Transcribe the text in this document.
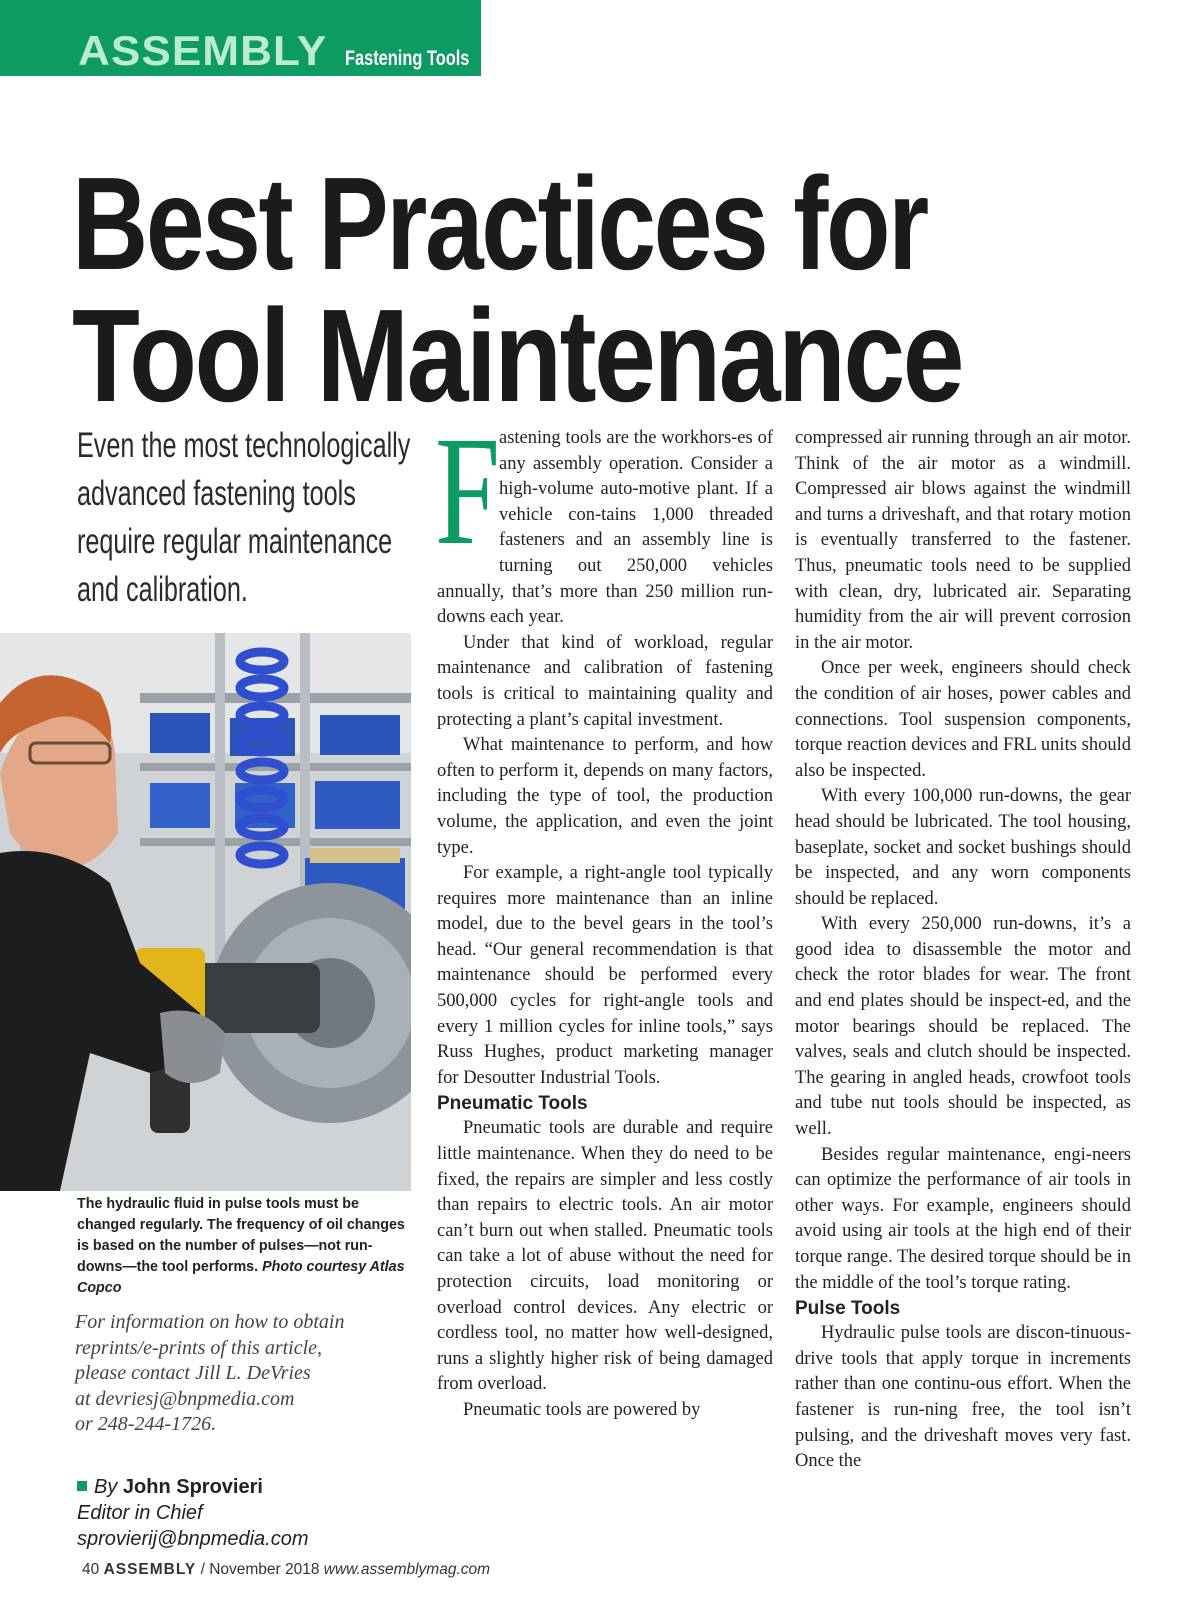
ASSEMBLY Fastening Tools
Best Practices for
Tool Maintenance
Even the most technologically
advanced fastening tools
require regular maintenance
and calibration.
The hydraulic fluid in pulse tools must be changed regularly. The frequency of oil changes is based on the number of pulses—not run-downs—the tool performs. Photo courtesy Atlas Copco
For information on how to obtain
reprints/e-prints of this article,
please contact Jill L. DeVries
at devriesj@bnpmedia.com
or 248-244-1726.
By John Sprovieri
Editor in Chief
sprovierij@bnpmedia.com

F
astening tools are the workhors-es of any assembly operation. Consider a high-volume auto-motive plant. If a vehicle con-tains 1,000 threaded fasteners and an assembly line is turning out 250,000 vehicles annually, that’s more than 250 million run-downs each year.

Under that kind of workload, regular maintenance and calibration of fastening tools is critical to maintaining quality and protecting a plant’s capital investment.

What maintenance to perform, and how often to perform it, depends on many factors, including the type of tool, the production volume, the application, and even the joint type.

For example, a right-angle tool typically requires more maintenance than an inline model, due to the bevel gears in the tool’s head. “Our general recommendation is that maintenance should be performed every 500,000 cycles for right-angle tools and every 1 million cycles for inline tools,” says Russ Hughes, product marketing manager for Desoutter Industrial Tools.

Pneumatic Tools

Pneumatic tools are durable and require little maintenance. When they do need to be fixed, the repairs are simpler and less costly than repairs to electric tools. An air motor can’t burn out when stalled. Pneumatic tools can take a lot of abuse without the need for protection circuits, load monitoring or overload control devices. Any electric or cordless tool, no matter how well-designed, runs a slightly higher risk of being damaged from overload.

Pneumatic tools are powered by

compressed air running through an air motor. Think of the air motor as a windmill. Compressed air blows against the windmill and turns a driveshaft, and that rotary motion is eventually transferred to the fastener. Thus, pneumatic tools need to be supplied with clean, dry, lubricated air. Separating humidity from the air will prevent corrosion in the air motor.

Once per week, engineers should check the condition of air hoses, power cables and connections. Tool suspension components, torque reaction devices and FRL units should also be inspected.

With every 100,000 run-downs, the gear head should be lubricated. The tool housing, baseplate, socket and socket bushings should be inspected, and any worn components should be replaced.

With every 250,000 run-downs, it’s a good idea to disassemble the motor and check the rotor blades for wear. The front and end plates should be inspect-ed, and the motor bearings should be replaced. The valves, seals and clutch should be inspected. The gearing in angled heads, crowfoot tools and tube nut tools should be inspected, as well.

Besides regular maintenance, engi-neers can optimize the performance of air tools in other ways. For example, engineers should avoid using air tools at the high end of their torque range. The desired torque should be in the middle of the tool’s torque rating.

Pulse Tools

Hydraulic pulse tools are discon-tinuous-drive tools that apply torque in increments rather than one continu-ous effort. When the fastener is run-ning free, the tool isn’t pulsing, and the driveshaft moves very fast. Once the

40 ASSEMBLY / November 2018 www.assemblymag.com
